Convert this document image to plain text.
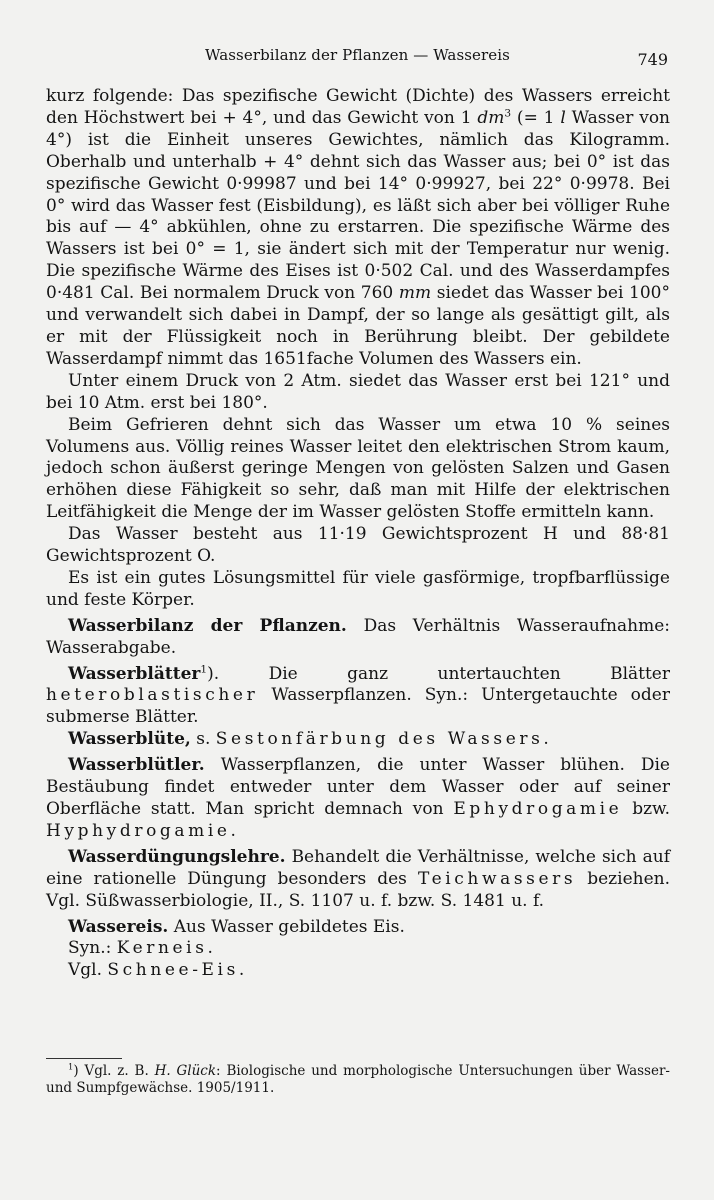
Wasserbilanz der Pflanzen — Wassereis	749

kurz folgende: Das spezifische Gewicht (Dichte) des Wassers erreicht den Höchstwert bei + 4°, und das Gewicht von 1 $dm^3$ (= 1 l Wasser von 4°) ist die Einheit unseres Gewichtes, nämlich das Kilogramm. Oberhalb und unterhalb + 4° dehnt sich das Wasser aus; bei 0° ist das spezifische Gewicht 0·99987 und bei 14° 0·99927, bei 22° 0·9978. Bei 0° wird das Wasser fest (Eisbildung), es läßt sich aber bei völliger Ruhe bis auf — 4° abkühlen, ohne zu erstarren. Die spezifische Wärme des Wassers ist bei 0° = 1, sie ändert sich mit der Temperatur nur wenig. Die spezifische Wärme des Eises ist 0·502 Cal. und des Wasserdampfes 0·481 Cal. Bei normalem Druck von 760 mm siedet das Wasser bei 100° und verwandelt sich dabei in Dampf, der so lange als gesättigt gilt, als er mit der Flüssigkeit noch in Berührung bleibt. Der gebildete Wasserdampf nimmt das 1651fache Volumen des Wassers ein.

Unter einem Druck von 2 Atm. siedet das Wasser erst bei 121° und bei 10 Atm. erst bei 180°.

Beim Gefrieren dehnt sich das Wasser um etwa 10 % seines Volumens aus. Völlig reines Wasser leitet den elektrischen Strom kaum, jedoch schon äußerst geringe Mengen von gelösten Salzen und Gasen erhöhen diese Fähigkeit so sehr, daß man mit Hilfe der elektrischen Leitfähigkeit die Menge der im Wasser gelösten Stoffe ermitteln kann.

Das Wasser besteht aus 11·19 Gewichtsprozent H und 88·81 Gewichtsprozent O.

Es ist ein gutes Lösungsmittel für viele gasförmige, tropfbarflüssige und feste Körper.

Wasserbilanz der Pflanzen. Das Verhältnis Wasseraufnahme: Wasserabgabe.

Wasserblätter$^1$). Die ganz untertauchten Blätter heteroblastischer Wasserpflanzen. Syn.: Untergetauchte oder submerse Blätter.

Wasserblüte, s. Sestonfärbung des Wassers.

Wasserblütler. Wasserpflanzen, die unter Wasser blühen. Die Bestäubung findet entweder unter dem Wasser oder auf seiner Oberfläche statt. Man spricht demnach von Ephydrogamie bzw. Hyphydrogamie.

Wasserdüngungslehre. Behandelt die Verhältnisse, welche sich auf eine rationelle Düngung besonders des Teichwassers beziehen. Vgl. Süßwasserbiologie, II., S. 1107 u. f. bzw. S. 1481 u. f.

Wassereis. Aus Wasser gebildetes Eis.

Syn.: Kerneis.

Vgl. Schnee-Eis.

$^1$) Vgl. z. B. H. Glück: Biologische und morphologische Untersuchungen über Wasser- und Sumpfgewächse. 1905/1911.
